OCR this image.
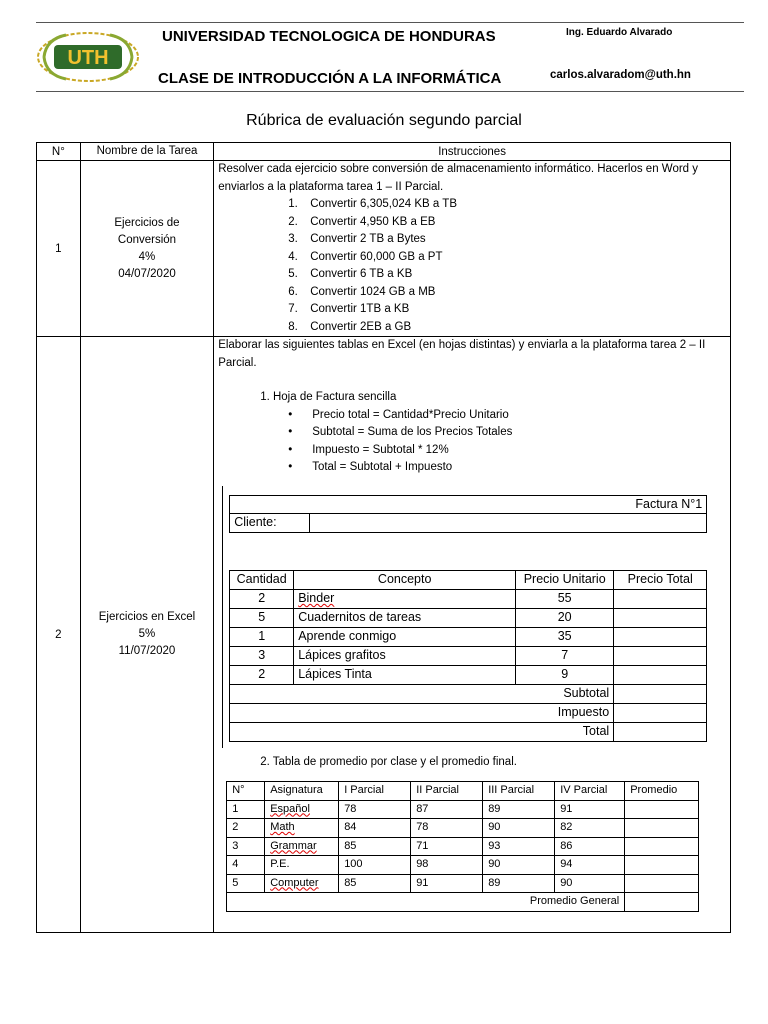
UTH
UNIVERSIDAD TECNOLOGICA DE HONDURAS
CLASE DE INTRODUCCIÓN A LA INFORMÁTICA
Ing. Eduardo Alvarado
carlos.alvaradom@uth.hn
Rúbrica de evaluación segundo parcial
N°	Nombre de la Tarea	Instrucciones
1	
Ejercicios de
Conversión
4%
04/07/2020

Resolver cada ejercicio sobre conversión de almacenamiento informático. Hacerlos en Word y enviarlos a la plataforma tarea 1 – II Parcial.
1. Convertir 6,305,024 KB a TB
2. Convertir 4,950 KB a EB
3. Convertir 2 TB a Bytes
4. Convertir 60,000 GB a PT
5. Convertir 6 TB a KB
6. Convertir 1024 GB a MB
7. Convertir 1TB a KB
8. Convertir 2EB a GB

2	
Ejercicios en Excel
5%
11/07/2020

Elaborar las siguientes tablas en Excel (en hojas distintas) y enviarla a la plataforma tarea 2 – II Parcial.
1. Hoja de Factura sencilla
• Precio total = Cantidad*Precio Unitario
• Subtotal = Suma de los Precios Totales
• Impuesto = Subtotal * 12%
• Total = Subtotal + Impuesto
Factura N°1
Cliente:	
Cantidad	Concepto	Precio Unitario	Precio Total
2	Binder	55	
5	Cuadernitos de tareas	20	
1	Aprende conmigo	35	
3	Lápices grafitos	7	
2	Lápices Tinta	9	
Subtotal	
Impuesto	
Total	
2. Tabla de promedio por clase y el promedio final.
N°	Asignatura	I Parcial	II Parcial	III Parcial	IV Parcial	Promedio
1	Español	78	87	89	91	
2	Math	84	78	90	82	
3	Grammar	85	71	93	86	
4	P.E.	100	98	90	94	
5	Computer	85	91	89	90	
Promedio General	
